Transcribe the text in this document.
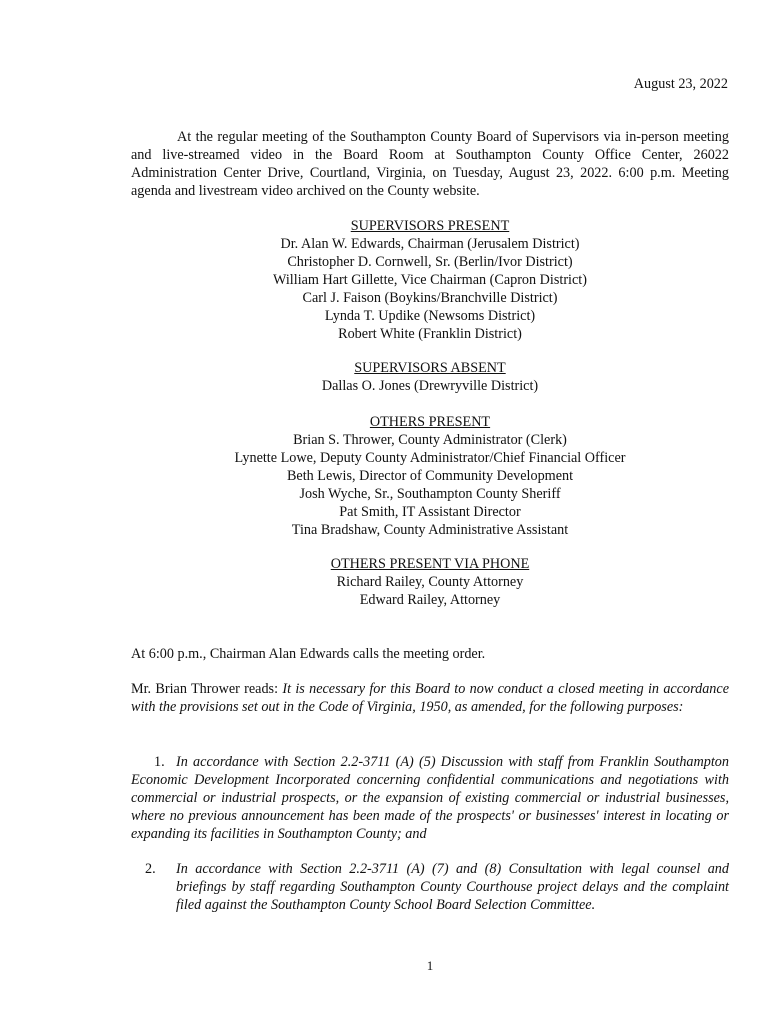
August 23, 2022
At the regular meeting of the Southampton County Board of Supervisors via in-person meeting and live-streamed video in the Board Room at Southampton County Office Center, 26022 Administration Center Drive, Courtland, Virginia, on Tuesday, August 23, 2022. 6:00 p.m. Meeting agenda and livestream video archived on the County website.
SUPERVISORS PRESENT
Dr. Alan W. Edwards, Chairman (Jerusalem District)
Christopher D. Cornwell, Sr. (Berlin/Ivor District)
William Hart Gillette, Vice Chairman (Capron District)
Carl J. Faison (Boykins/Branchville District)
Lynda T. Updike (Newsoms District)
Robert White (Franklin District)
SUPERVISORS ABSENT
Dallas O. Jones (Drewryville District)
OTHERS PRESENT
Brian S. Thrower, County Administrator (Clerk)
Lynette Lowe, Deputy County Administrator/Chief Financial Officer
Beth Lewis, Director of Community Development
Josh Wyche, Sr., Southampton County Sheriff
Pat Smith, IT Assistant Director
Tina Bradshaw, County Administrative Assistant
OTHERS PRESENT VIA PHONE
Richard Railey, County Attorney
Edward Railey, Attorney
At 6:00 p.m., Chairman Alan Edwards calls the meeting order.
Mr. Brian Thrower reads: It is necessary for this Board to now conduct a closed meeting in accordance with the provisions set out in the Code of Virginia, 1950, as amended, for the following purposes:
1. In accordance with Section 2.2-3711 (A) (5) Discussion with staff from Franklin Southampton Economic Development Incorporated concerning confidential communications and negotiations with commercial or industrial prospects, or the expansion of existing commercial or industrial businesses, where no previous announcement has been made of the prospects' or businesses' interest in locating or expanding its facilities in Southampton County; and
2. In accordance with Section 2.2-3711 (A) (7) and (8) Consultation with legal counsel and briefings by staff regarding Southampton County Courthouse project delays and the complaint filed against the Southampton County School Board Selection Committee.
1
